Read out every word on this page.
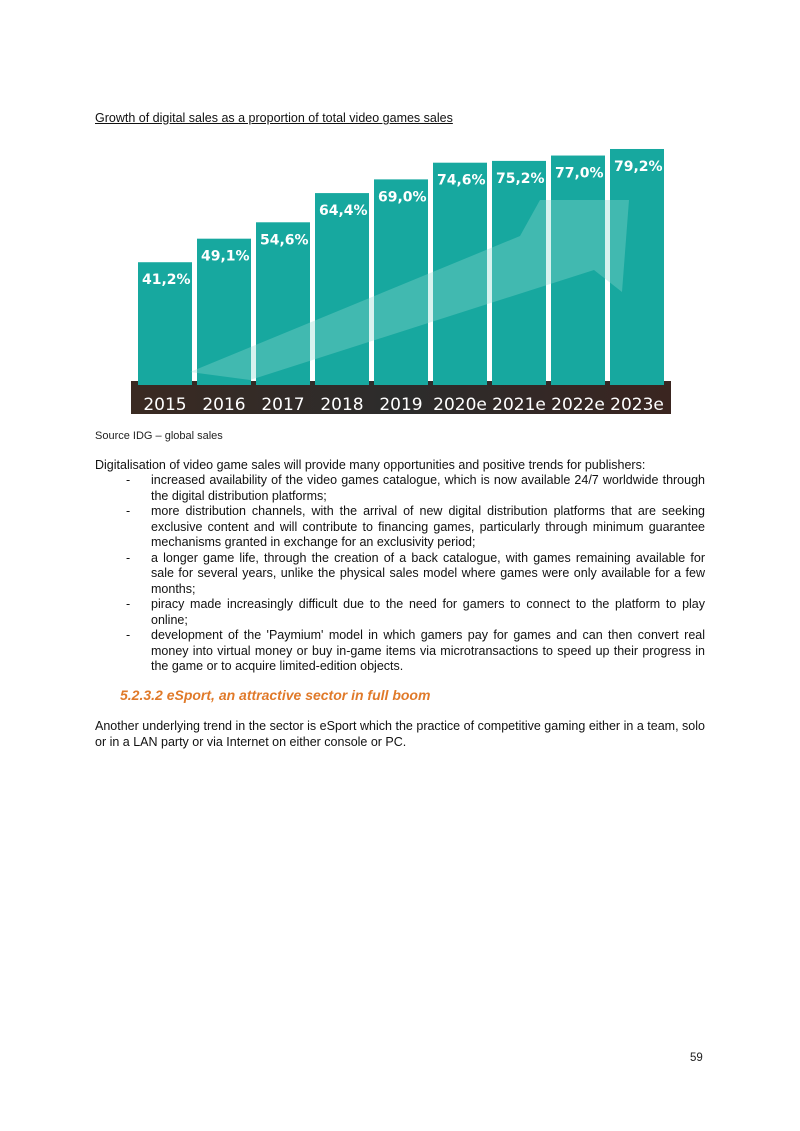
Growth of digital sales as a proportion of total video games sales
41,2%
49,1%
54,6%
64,4%
69,0%
74,6% 75,2% 77,0% 79,2%
2015 2016 2017 2018 2019 2020e 2021e 2022e 2023e
Source IDG – global sales
Digitalisation of video game sales will provide many opportunities and positive trends for publishers:
- increased availability of the video games catalogue, which is now available 24/7 worldwide through the digital distribution platforms;
- more distribution channels, with the arrival of new digital distribution platforms that are seeking exclusive content and will contribute to financing games, particularly through minimum guarantee mechanisms granted in exchange for an exclusivity period;
- a longer game life, through the creation of a back catalogue, with games remaining available for sale for several years, unlike the physical sales model where games were only available for a few months;
- piracy made increasingly difficult due to the need for gamers to connect to the platform to play online;
- development of the 'Paymium' model in which gamers pay for games and can then convert real money into virtual money or buy in-game items via microtransactions to speed up their progress in the game or to acquire limited-edition objects.
5.2.3.2 eSport, an attractive sector in full boom
Another underlying trend in the sector is eSport which the practice of competitive gaming either in a team, solo or in a LAN party or via Internet on either console or PC.
59
